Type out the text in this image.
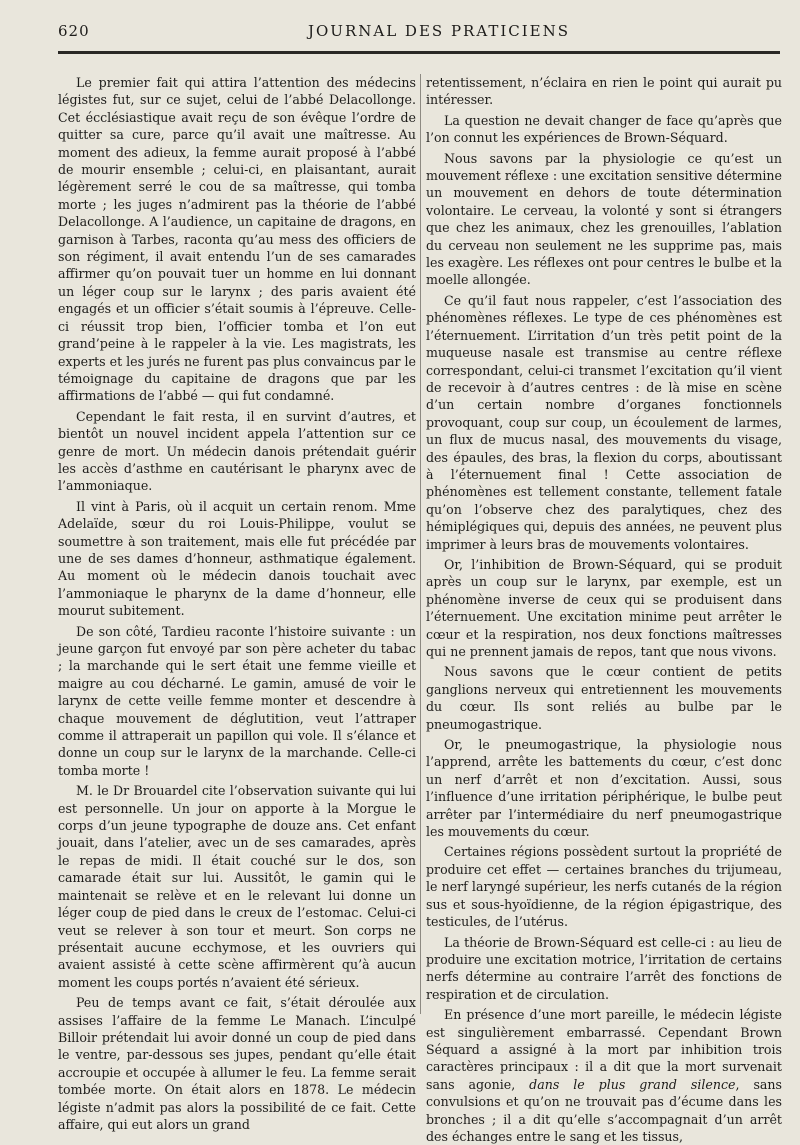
620	JOURNAL DES PRATICIENS

Le premier fait qui attira l’attention des médecins légistes fut, sur ce sujet, celui de l’abbé Delacollonge. Cet écclésiastique avait reçu de son évêque l’ordre de quitter sa cure, parce qu’il avait une maîtresse. Au moment des adieux, la femme aurait proposé à l’abbé de mourir ensemble ; celui-ci, en plaisantant, aurait légèrement serré le cou de sa maîtresse, qui tomba morte ; les juges n’admirent pas la théorie de l’abbé Delacollonge. A l’audience, un capitaine de dragons, en garnison à Tarbes, raconta qu’au mess des officiers de son régiment, il avait entendu l’un de ses camarades affirmer qu’on pouvait tuer un homme en lui donnant un léger coup sur le larynx ; des paris avaient été engagés et un officier s’était soumis à l’épreuve. Celle-ci réussit trop bien, l’officier tomba et l’on eut grand’peine à le rappeler à la vie. Les magistrats, les experts et les jurés ne furent pas plus convaincus par le témoignage du capitaine de dragons que par les affirmations de l’abbé — qui fut condamné.

Cependant le fait resta, il en survint d’autres, et bientôt un nouvel incident appela l’attention sur ce genre de mort. Un médecin danois prétendait guérir les accès d’asthme en cautérisant le pharynx avec de l’ammoniaque.

Il vint à Paris, où il acquit un certain renom. Mme Adelaïde, sœur du roi Louis-Philippe, voulut se soumettre à son traitement, mais elle fut précédée par une de ses dames d’honneur, asthmatique également. Au moment où le médecin danois touchait avec l’ammoniaque le pharynx de la dame d’honneur, elle mourut subitement.

De son côté, Tardieu raconte l’histoire suivante : un jeune garçon fut envoyé par son père acheter du tabac ; la marchande qui le sert était une femme vieille et maigre au cou décharné. Le gamin, amusé de voir le larynx de cette veille femme monter et descendre à chaque mouvement de déglutition, veut l’attraper comme il attraperait un papillon qui vole. Il s’élance et donne un coup sur le larynx de la marchande. Celle-ci tomba morte !

M. le Dr Brouardel cite l’observation suivante qui lui est personnelle. Un jour on apporte à la Morgue le corps d’un jeune typographe de douze ans. Cet enfant jouait, dans l’atelier, avec un de ses camarades, après le repas de midi. Il était couché sur le dos, son camarade était sur lui. Aussitôt, le gamin qui le maintenait se relève et en le relevant lui donne un léger coup de pied dans le creux de l’estomac. Celui-ci veut se relever à son tour et meurt. Son corps ne présentait aucune ecchymose, et les ouvriers qui avaient assisté à cette scène affirmèrent qu’à aucun moment les coups portés n’avaient été sérieux.

Peu de temps avant ce fait, s’était déroulée aux assises l’affaire de la femme Le Manach. L’inculpé Billoir prétendait lui avoir donné un coup de pied dans le ventre, par-dessous ses jupes, pendant qu’elle était accroupie et occupée à allumer le feu. La femme serait tombée morte. On était alors en 1878. Le médecin légiste n’admit pas alors la possibilité de ce fait. Cette affaire, qui eut alors un grand

retentissement, n’éclaira en rien le point qui aurait pu intéresser.

La question ne devait changer de face qu’après que l’on connut les expériences de Brown-Séquard.

Nous savons par la physiologie ce qu’est un mouvement réflexe : une excitation sensitive détermine un mouvement en dehors de toute détermination volontaire. Le cerveau, la volonté y sont si étrangers que chez les animaux, chez les grenouilles, l’ablation du cerveau non seulement ne les supprime pas, mais les exagère. Les réflexes ont pour centres le bulbe et la moelle allongée.

Ce qu’il faut nous rappeler, c’est l’association des phénomènes réflexes. Le type de ces phénomènes est l’éternuement. L’irritation d’un très petit point de la muqueuse nasale est transmise au centre réflexe correspondant, celui-ci transmet l’excitation qu’il vient de recevoir à d’autres centres : de là mise en scène d’un certain nombre d’organes fonctionnels provoquant, coup sur coup, un écoulement de larmes, un flux de mucus nasal, des mouvements du visage, des épaules, des bras, la flexion du corps, aboutissant à l’éternuement final ! Cette association de phénomènes est tellement constante, tellement fatale qu’on l’observe chez des paralytiques, chez des hémiplégiques qui, depuis des années, ne peuvent plus imprimer à leurs bras de mouvements volontaires.

Or, l’inhibition de Brown-Séquard, qui se produit après un coup sur le larynx, par exemple, est un phénomène inverse de ceux qui se produisent dans l’éternuement. Une excitation minime peut arrêter le cœur et la respiration, nos deux fonctions maîtresses qui ne prennent jamais de repos, tant que nous vivons.

Nous savons que le cœur contient de petits ganglions nerveux qui entretiennent les mouvements du cœur. Ils sont reliés au bulbe par le pneumogastrique.

Or, le pneumogastrique, la physiologie nous l’apprend, arrête les battements du cœur, c’est donc un nerf d’arrêt et non d’excitation. Aussi, sous l’influence d’une irritation périphérique, le bulbe peut arrêter par l’intermédiaire du nerf pneumogastrique les mouvements du cœur.

Certaines régions possèdent surtout la propriété de produire cet effet — certaines branches du trijumeau, le nerf laryngé supérieur, les nerfs cutanés de la région sus et sous-hyoïdienne, de la région épigastrique, des testicules, de l’utérus.

La théorie de Brown-Séquard est celle-ci : au lieu de produire une excitation motrice, l’irritation de certains nerfs détermine au contraire l’arrêt des fonctions de respiration et de circulation.

En présence d’une mort pareille, le médecin légiste est singulièrement embarrassé. Cependant Brown Séquard a assigné à la mort par inhibition trois caractères principaux : il a dit que la mort survenait sans agonie, dans le plus grand silence, sans convulsions et qu’on ne trouvait pas d’écume dans les bronches ; il a dit qu’elle s’accompagnait d’un arrêt des échanges entre le sang et les tissus,
